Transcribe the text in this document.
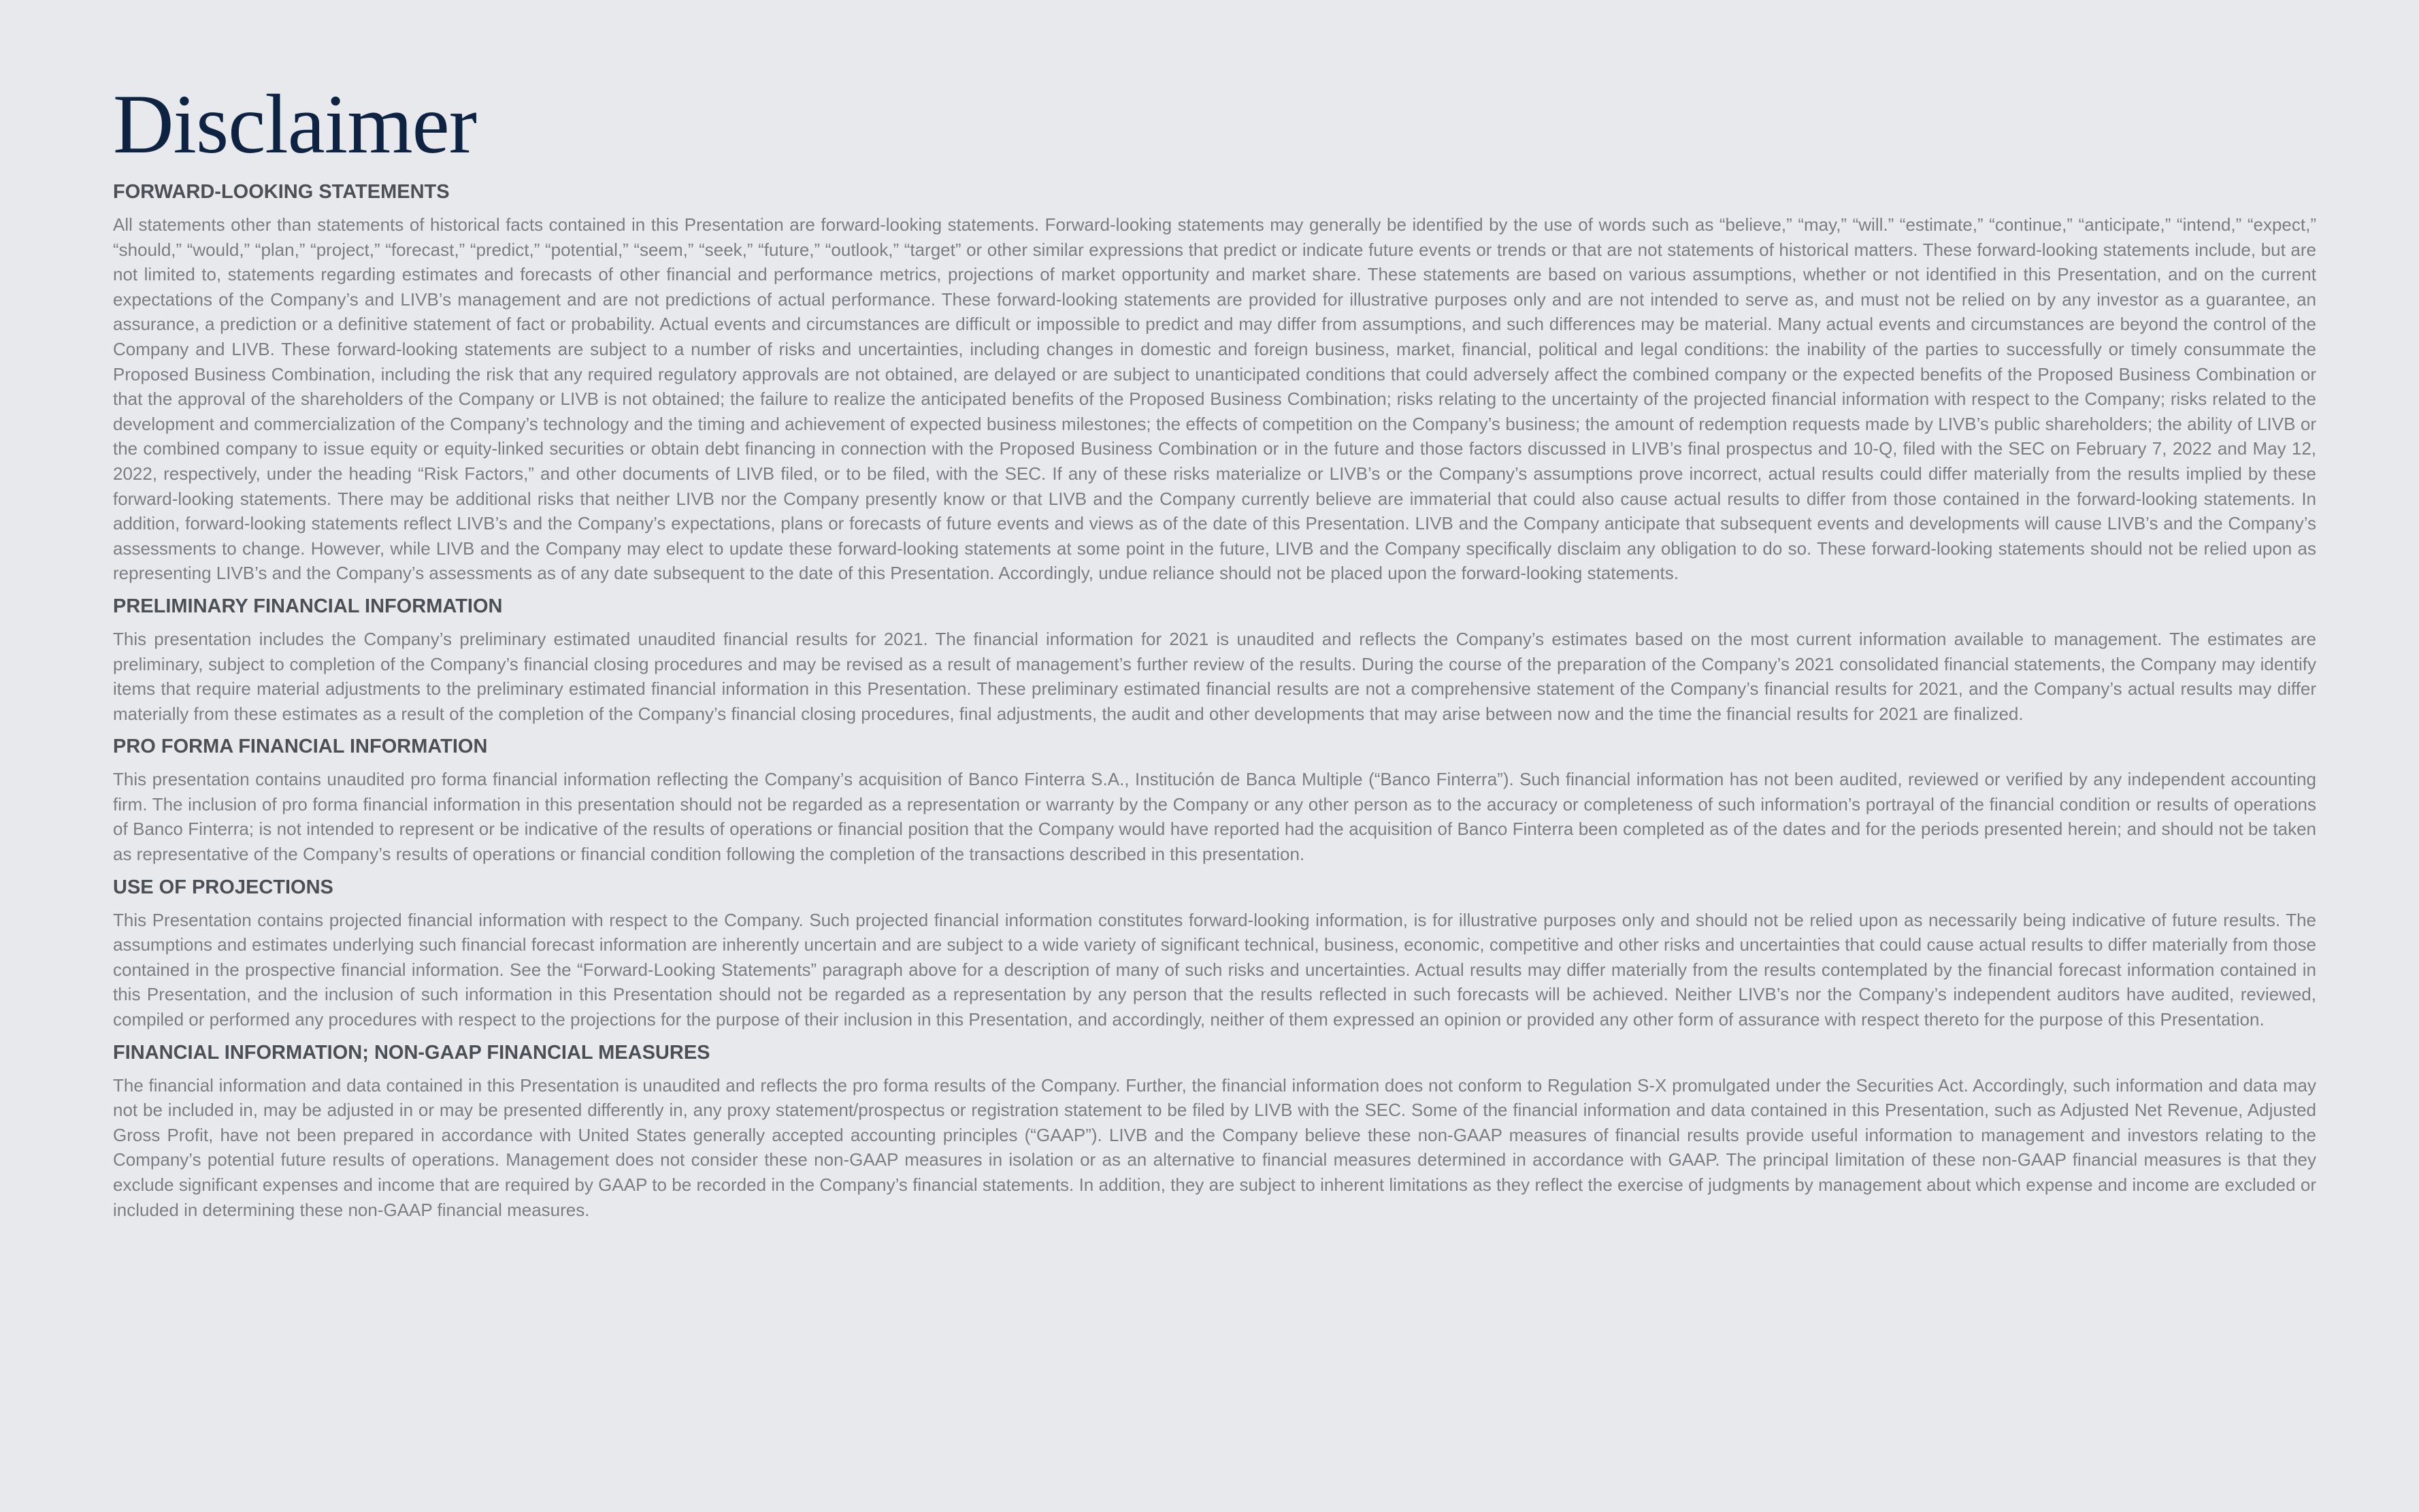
Disclaimer
FORWARD-LOOKING STATEMENTS

All statements other than statements of historical facts contained in this Presentation are forward-looking statements. Forward-looking statements may generally be identified by the use of words such as “believe,” “may,” “will.” “estimate,” “continue,” “anticipate,” “intend,” “expect,” “should,” “would,” “plan,” “project,” “forecast,” “predict,” “potential,” “seem,” “seek,” “future,” “outlook,” “target” or other similar expressions that predict or indicate future events or trends or that are not statements of historical matters. These forward-looking statements include, but are not limited to, statements regarding estimates and forecasts of other financial and performance metrics, projections of market opportunity and market share. These statements are based on various assumptions, whether or not identified in this Presentation, and on the current expectations of the Company’s and LIVB’s management and are not predictions of actual performance. These forward-looking statements are provided for illustrative purposes only and are not intended to serve as, and must not be relied on by any investor as a guarantee, an assurance, a prediction or a definitive statement of fact or probability. Actual events and circumstances are difficult or impossible to predict and may differ from assumptions, and such differences may be material. Many actual events and circumstances are beyond the control of the Company and LIVB. These forward-looking statements are subject to a number of risks and uncertainties, including changes in domestic and foreign business, market, financial, political and legal conditions: the inability of the parties to successfully or timely consummate the Proposed Business Combination, including the risk that any required regulatory approvals are not obtained, are delayed or are subject to unanticipated conditions that could adversely affect the combined company or the expected benefits of the Proposed Business Combination or that the approval of the shareholders of the Company or LIVB is not obtained; the failure to realize the anticipated benefits of the Proposed Business Combination; risks relating to the uncertainty of the projected financial information with respect to the Company; risks related to the development and commercialization of the Company’s technology and the timing and achievement of expected business milestones; the effects of competition on the Company’s business; the amount of redemption requests made by LIVB’s public shareholders; the ability of LIVB or the combined company to issue equity or equity-linked securities or obtain debt financing in connection with the Proposed Business Combination or in the future and those factors discussed in LIVB’s final prospectus and 10-Q, filed with the SEC on February 7, 2022 and May 12, 2022, respectively, under the heading “Risk Factors,” and other documents of LIVB filed, or to be filed, with the SEC. If any of these risks materialize or LIVB’s or the Company’s assumptions prove incorrect, actual results could differ materially from the results implied by these forward-looking statements. There may be additional risks that neither LIVB nor the Company presently know or that LIVB and the Company currently believe are immaterial that could also cause actual results to differ from those contained in the forward-looking statements. In addition, forward-looking statements reflect LIVB’s and the Company’s expectations, plans or forecasts of future events and views as of the date of this Presentation. LIVB and the Company anticipate that subsequent events and developments will cause LIVB’s and the Company’s assessments to change. However, while LIVB and the Company may elect to update these forward-looking statements at some point in the future, LIVB and the Company specifically disclaim any obligation to do so. These forward-looking statements should not be relied upon as representing LIVB’s and the Company’s assessments as of any date subsequent to the date of this Presentation. Accordingly, undue reliance should not be placed upon the forward-looking statements.

PRELIMINARY FINANCIAL INFORMATION

This presentation includes the Company’s preliminary estimated unaudited financial results for 2021. The financial information for 2021 is unaudited and reflects the Company’s estimates based on the most current information available to management. The estimates are preliminary, subject to completion of the Company’s financial closing procedures and may be revised as a result of management’s further review of the results. During the course of the preparation of the Company’s 2021 consolidated financial statements, the Company may identify items that require material adjustments to the preliminary estimated financial information in this Presentation. These preliminary estimated financial results are not a comprehensive statement of the Company’s financial results for 2021, and the Company’s actual results may differ materially from these estimates as a result of the completion of the Company’s financial closing procedures, final adjustments, the audit and other developments that may arise between now and the time the financial results for 2021 are finalized.

PRO FORMA FINANCIAL INFORMATION

This presentation contains unaudited pro forma financial information reflecting the Company’s acquisition of Banco Finterra S.A., Institución de Banca Multiple (“Banco Finterra”). Such financial information has not been audited, reviewed or verified by any independent accounting firm. The inclusion of pro forma financial information in this presentation should not be regarded as a representation or warranty by the Company or any other person as to the accuracy or completeness of such information’s portrayal of the financial condition or results of operations of Banco Finterra; is not intended to represent or be indicative of the results of operations or financial position that the Company would have reported had the acquisition of Banco Finterra been completed as of the dates and for the periods presented herein; and should not be taken as representative of the Company’s results of operations or financial condition following the completion of the transactions described in this presentation.

USE OF PROJECTIONS

This Presentation contains projected financial information with respect to the Company. Such projected financial information constitutes forward-looking information, is for illustrative purposes only and should not be relied upon as necessarily being indicative of future results. The assumptions and estimates underlying such financial forecast information are inherently uncertain and are subject to a wide variety of significant technical, business, economic, competitive and other risks and uncertainties that could cause actual results to differ materially from those contained in the prospective financial information. See the “Forward-Looking Statements” paragraph above for a description of many of such risks and uncertainties. Actual results may differ materially from the results contemplated by the financial forecast information contained in this Presentation, and the inclusion of such information in this Presentation should not be regarded as a representation by any person that the results reflected in such forecasts will be achieved. Neither LIVB’s nor the Company’s independent auditors have audited, reviewed, compiled or performed any procedures with respect to the projections for the purpose of their inclusion in this Presentation, and accordingly, neither of them expressed an opinion or provided any other form of assurance with respect thereto for the purpose of this Presentation.

FINANCIAL INFORMATION; NON-GAAP FINANCIAL MEASURES

The financial information and data contained in this Presentation is unaudited and reflects the pro forma results of the Company. Further, the financial information does not conform to Regulation S-X promulgated under the Securities Act. Accordingly, such information and data may not be included in, may be adjusted in or may be presented differently in, any proxy statement/prospectus or registration statement to be filed by LIVB with the SEC. Some of the financial information and data contained in this Presentation, such as Adjusted Net Revenue, Adjusted Gross Profit, have not been prepared in accordance with United States generally accepted accounting principles (“GAAP”). LIVB and the Company believe these non-GAAP measures of financial results provide useful information to management and investors relating to the Company’s potential future results of operations. Management does not consider these non-GAAP measures in isolation or as an alternative to financial measures determined in accordance with GAAP. The principal limitation of these non-GAAP financial measures is that they exclude significant expenses and income that are required by GAAP to be recorded in the Company’s financial statements. In addition, they are subject to inherent limitations as they reflect the exercise of judgments by management about which expense and income are excluded or included in determining these non-GAAP financial measures.
